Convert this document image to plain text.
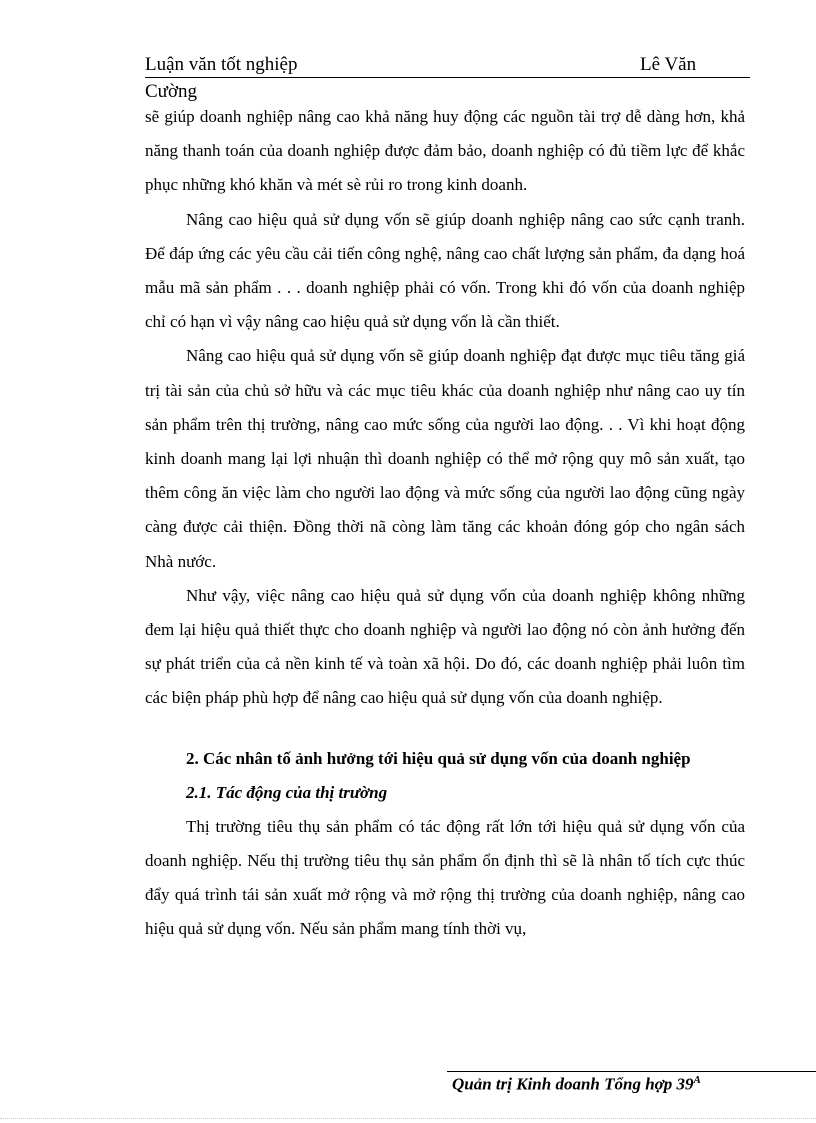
Luận văn tốt nghiệp	Lê Văn
Cường

sẽ giúp doanh nghiệp nâng cao khả năng huy động các nguồn tài trợ dễ dàng hơn, khả năng thanh toán của doanh nghiệp được đảm bảo, doanh nghiệp có đủ tiềm lực để khắc phục những khó khăn và mét sè rủi ro trong kinh doanh.

Nâng cao hiệu quả sử dụng vốn sẽ giúp doanh nghiệp nâng cao sức cạnh tranh. Để đáp ứng các yêu cầu cải tiến công nghệ, nâng cao chất lượng sản phẩm, đa dạng hoá mẫu mã sản phẩm . . . doanh nghiệp phải có vốn. Trong khi đó vốn của doanh nghiệp chỉ có hạn vì vậy nâng cao hiệu quả sử dụng vốn là cần thiết.

Nâng cao hiệu quả sử dụng vốn sẽ giúp doanh nghiệp đạt được mục tiêu tăng giá trị tài sản của chủ sở hữu và các mục tiêu khác của doanh nghiệp như nâng cao uy tín sản phẩm trên thị trường, nâng cao mức sống của người lao động. . . Vì khi hoạt động kinh doanh mang lại lợi nhuận thì doanh nghiệp có thể mở rộng quy mô sản xuất, tạo thêm công ăn việc làm cho người lao động và mức sống của người lao động cũng ngày càng được cải thiện. Đồng thời nã còng làm tăng các khoản đóng góp cho ngân sách Nhà nước.

Như vậy, việc nâng cao hiệu quả sử dụng vốn của doanh nghiệp không những đem lại hiệu quả thiết thực cho doanh nghiệp và người lao động nó còn ảnh hưởng đến sự phát triển của cả nền kinh tế và toàn xã hội. Do đó, các doanh nghiệp phải luôn tìm các biện pháp phù hợp để nâng cao hiệu quả sử dụng vốn của doanh nghiệp.

2. Các nhân tố ảnh hưởng tới hiệu quả sử dụng vốn của doanh nghiệp
2.1. Tác động của thị trường

Thị trường tiêu thụ sản phẩm có tác động rất lớn tới hiệu quả sử dụng vốn của doanh nghiệp. Nếu thị trường tiêu thụ sản phẩm ổn định thì sẽ là nhân tố tích cực thúc đẩy quá trình tái sản xuất mở rộng và mở rộng thị trường của doanh nghiệp, nâng cao hiệu quả sử dụng vốn. Nếu sản phẩm mang tính thời vụ,

Quản trị Kinh doanh Tổng hợp $39^A$
